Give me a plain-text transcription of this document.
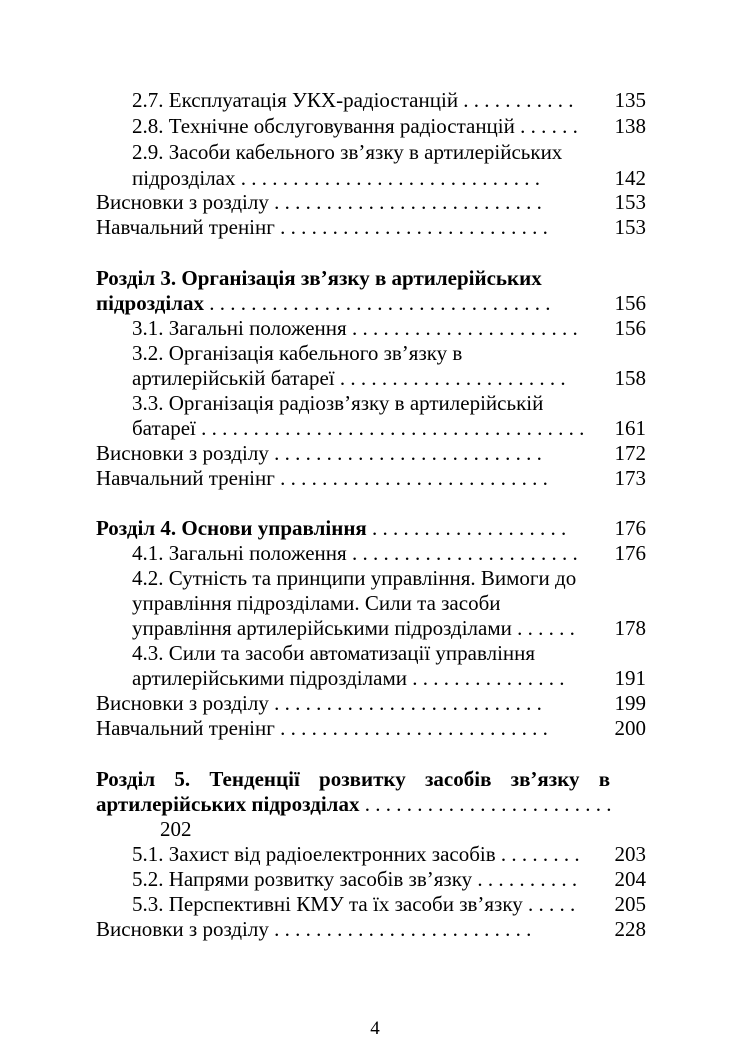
2.7. Експлуатація УКХ-радіостанцій . . . . . . . . . . . 135
2.8. Технічне обслуговування радіостанцій . . . . . . 138
2.9. Засоби кабельного зв’язку в артилерійських
підрозділах . . . . . . . . . . . . . . . . . . . . . . . . . . . . .	142
Висновки з розділу . . . . . . . . . . . . . . . . . . . . . . . . . .	153
Навчальний тренінг . . . . . . . . . . . . . . . . . . . . . . . . . .	153
Розділ 3. Організація зв’язку в артилерійських
підрозділах . . . . . . . . . . . . . . . . . . . . . . . . . . . . . . . . .	156
3.1. Загальні положення . . . . . . . . . . . . . . . . . . . . . . 156
3.2. Організація кабельного зв’язку в
артилерійській батареї . . . . . . . . . . . . . . . . . . . . . . 158
3.3. Організація радіозв’язку в артилерійській
батареї . . . . . . . . . . . . . . . . . . . . . . . . . . . . . . . . . . . . . 161
Висновки з розділу . . . . . . . . . . . . . . . . . . . . . . . . . .	172
Навчальний тренінг . . . . . . . . . . . . . . . . . . . . . . . . . .	173
Розділ 4. Основи управління . . . . . . . . . . . . . . . . . . . 176
4.1. Загальні положення . . . . . . . . . . . . . . . . . . . . . . 176
4.2. Сутність та принципи управління. Вимоги до
управління підрозділами. Сили та засоби
управління артилерійськими підрозділами . . . . . . 178
4.3. Сили та засоби автоматизації управління
артилерійськими підрозділами . . . . . . . . . . . . . . . 191
Висновки з розділу . . . . . . . . . . . . . . . . . . . . . . . . . .	199
Навчальний тренінг . . . . . . . . . . . . . . . . . . . . . . . . . .	200
Розділ 5. Тенденції розвитку засобів зв’язку в
артилерійських підрозділах . . . . . . . . . . . . . . . . . . . . . . . .
202
5.1. Захист від радіоелектронних засобів . . . . . . . . 203
5.2. Напрями розвитку засобів зв’язку . . . . . . . . . . 204
5.3. Перспективні КМУ та їх засоби зв’язку . . . . . 205
Висновки з розділу . . . . . . . . . . . . . . . . . . . . . . . . .	228
4
